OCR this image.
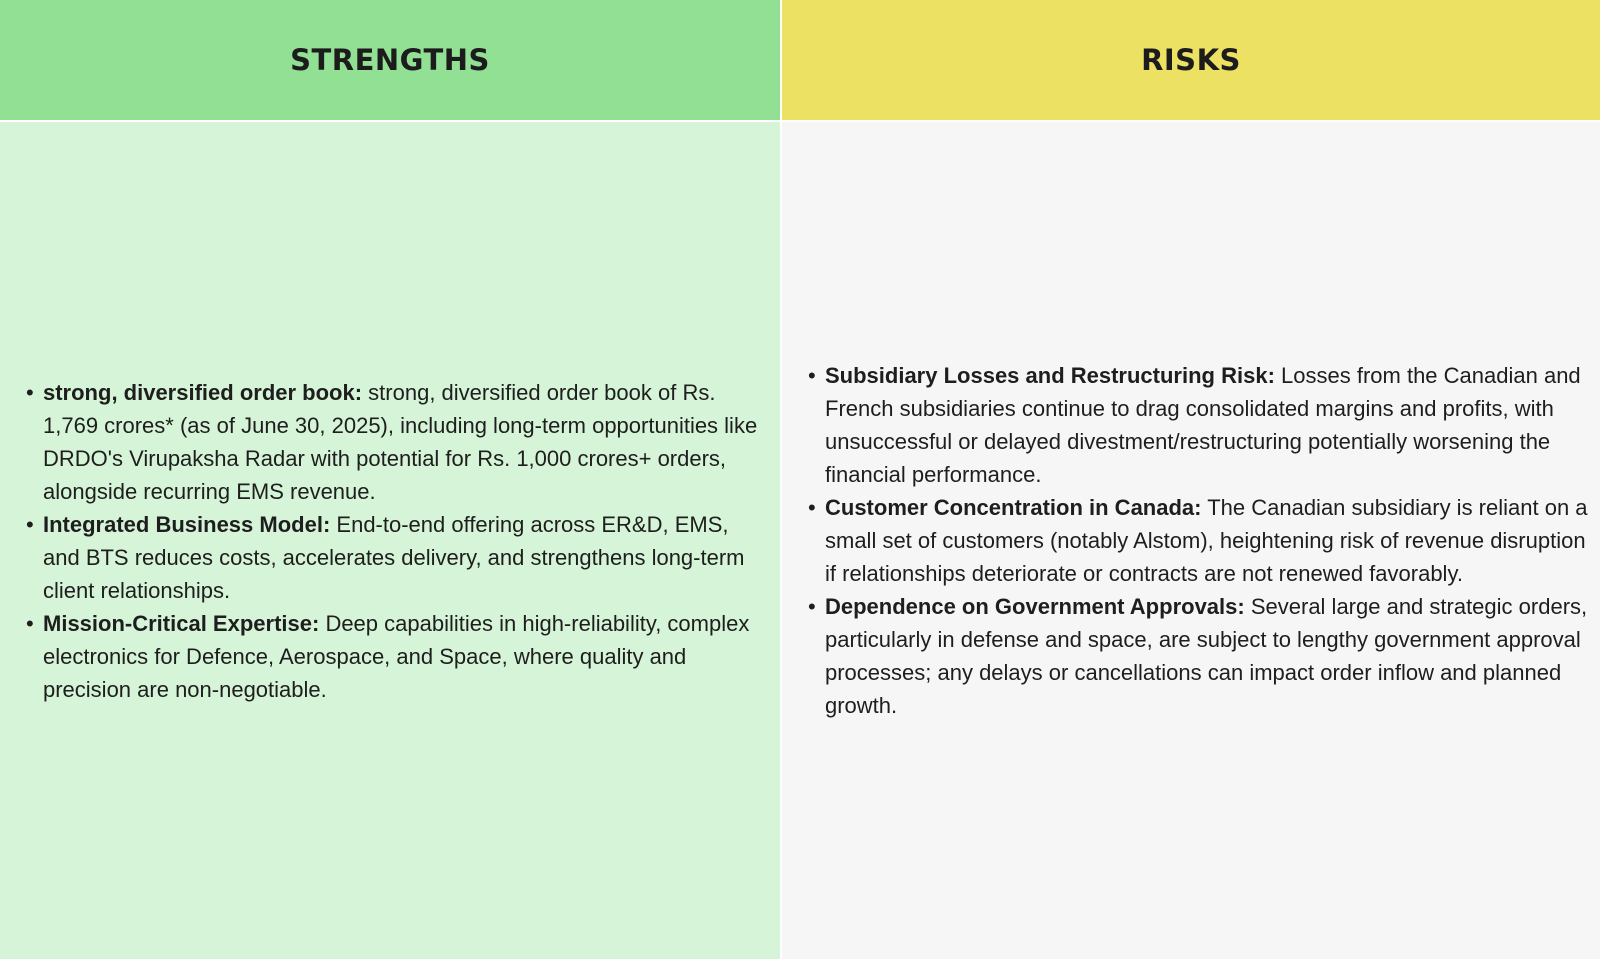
STRENGTHS
• strong, diversified order book: strong, diversified order book of Rs. 1,769 crores* (as of June 30, 2025), including long-term opportunities like DRDO's Virupaksha Radar with potential for Rs. 1,000 crores+ orders, alongside recurring EMS revenue.
• Integrated Business Model: End-to-end offering across ER&D, EMS, and BTS reduces costs, accelerates delivery, and strengthens long-term client relationships.
• Mission-Critical Expertise: Deep capabilities in high-reliability, complex electronics for Defence, Aerospace, and Space, where quality and precision are non-negotiable.
RISKS
• Subsidiary Losses and Restructuring Risk: Losses from the Canadian and French subsidiaries continue to drag consolidated margins and profits, with unsuccessful or delayed divestment/restructuring potentially worsening the financial performance.
• Customer Concentration in Canada: The Canadian subsidiary is reliant on a small set of customers (notably Alstom), heightening risk of revenue disruption if relationships deteriorate or contracts are not renewed favorably.
• Dependence on Government Approvals: Several large and strategic orders, particularly in defense and space, are subject to lengthy government approval processes; any delays or cancellations can impact order inflow and planned growth.
